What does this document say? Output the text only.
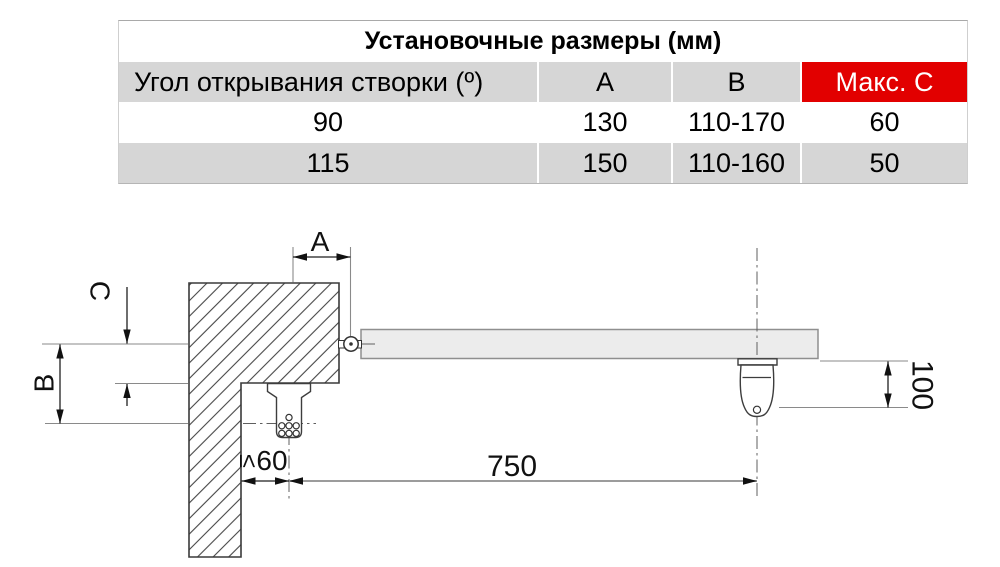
Установочные размеры (мм)
Угол открывания створки (º)	A	B	Макс. C
90	130	110-170	60
115	150	110-160	50
A
B
C
≤
60	750
100
